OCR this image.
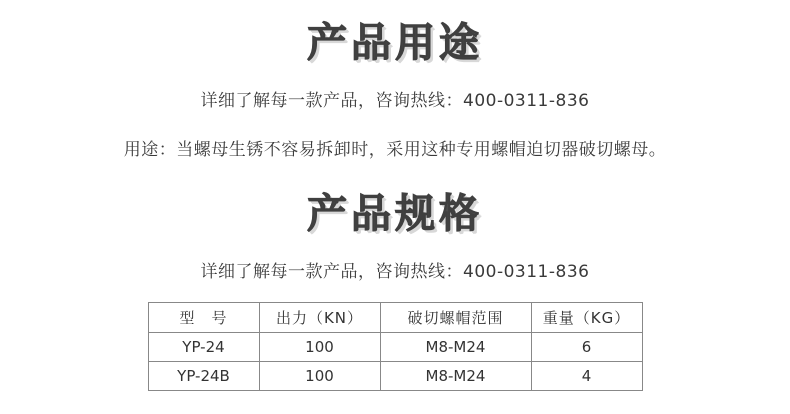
产品用途
详细了解每一款产品，咨询热线：400-0311-836
用途：当螺母生锈不容易拆卸时，采用这种专用螺帽迫切器破切螺母。
产品规格
详细了解每一款产品，咨询热线：400-0311-836
型　号	出力（KN）	破切螺帽范围	重量（KG）
YP-24	100	M8-M24	6
YP-24B	100	M8-M24	4
